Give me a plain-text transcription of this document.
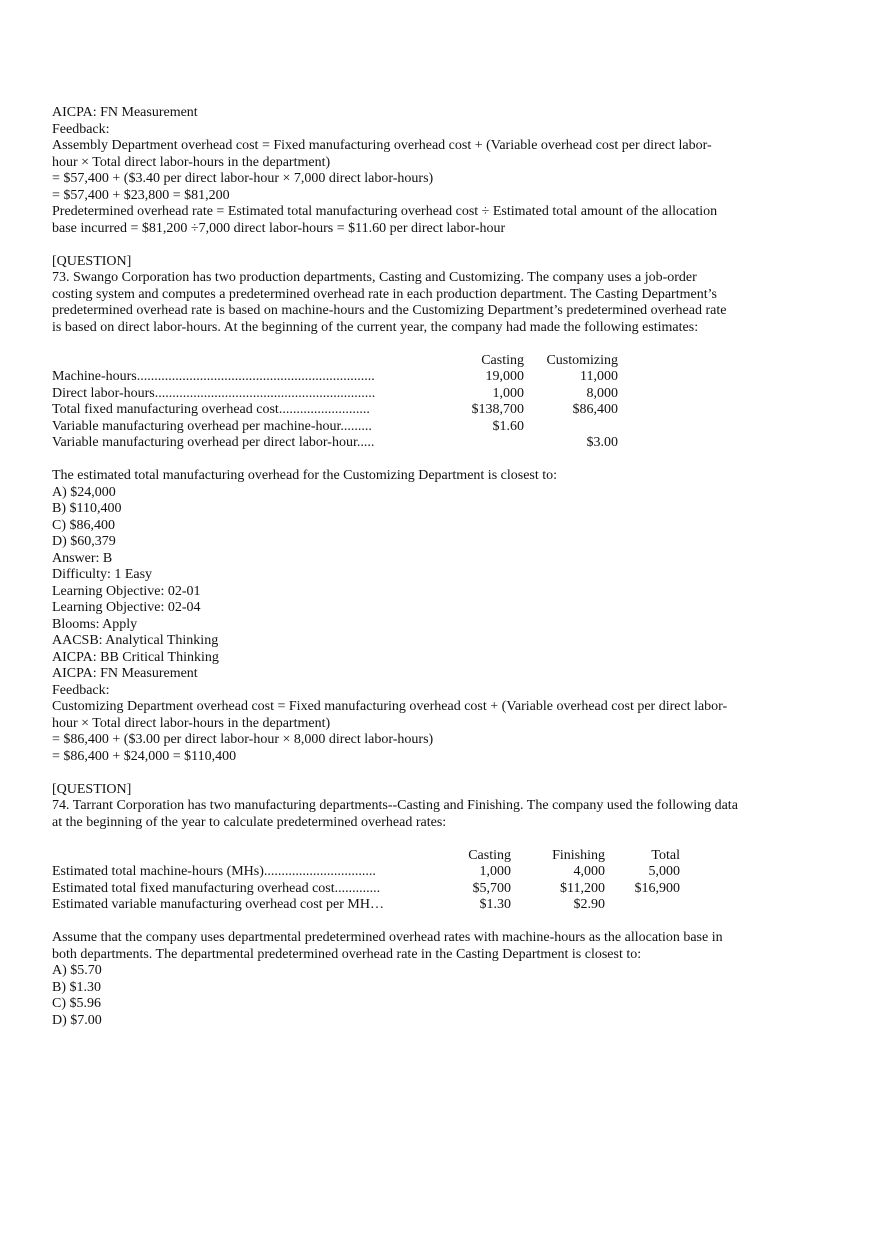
AICPA: FN Measurement
Feedback:
Assembly Department overhead cost = Fixed manufacturing overhead cost + (Variable overhead cost per direct labor-
hour × Total direct labor-hours in the department)
= $57,400 + ($3.40 per direct labor-hour × 7,000 direct labor-hours)
= $57,400 + $23,800 = $81,200
Predetermined overhead rate = Estimated total manufacturing overhead cost ÷ Estimated total amount of the allocation
base incurred = $81,200 ÷7,000 direct labor-hours = $11.60 per direct labor-hour
[QUESTION]
73. Swango Corporation has two production departments, Casting and Customizing. The company uses a job-order
costing system and computes a predetermined overhead rate in each production department. The Casting Department’s
predetermined overhead rate is based on machine-hours and the Customizing Department’s predetermined overhead rate
is based on direct labor-hours. At the beginning of the current year, the company had made the following estimates:
	Casting	Customizing
Machine-hours....................................................................	19,000	11,000
Direct labor-hours...............................................................	1,000	8,000
Total fixed manufacturing overhead cost..........................	$138,700	$86,400
Variable manufacturing overhead per machine-hour.........	$1.60	
Variable manufacturing overhead per direct labor-hour.....		$3.00
The estimated total manufacturing overhead for the Customizing Department is closest to:
A) $24,000
B) $110,400
C) $86,400
D) $60,379
Answer: B
Difficulty: 1 Easy
Learning Objective: 02-01
Learning Objective: 02-04
Blooms: Apply
AACSB: Analytical Thinking
AICPA: BB Critical Thinking
AICPA: FN Measurement
Feedback:
Customizing Department overhead cost = Fixed manufacturing overhead cost + (Variable overhead cost per direct labor-
hour × Total direct labor-hours in the department)
= $86,400 + ($3.00 per direct labor-hour × 8,000 direct labor-hours)
= $86,400 + $24,000 = $110,400
[QUESTION]
74. Tarrant Corporation has two manufacturing departments--Casting and Finishing. The company used the following data
at the beginning of the year to calculate predetermined overhead rates:
	Casting	Finishing	Total
Estimated total machine-hours (MHs)................................	1,000	4,000	5,000
Estimated total fixed manufacturing overhead cost.............	$5,700	$11,200	$16,900
Estimated variable manufacturing overhead cost per MH…	$1.30	$2.90	
Assume that the company uses departmental predetermined overhead rates with machine-hours as the allocation base in
both departments. The departmental predetermined overhead rate in the Casting Department is closest to:
A) $5.70
B) $1.30
C) $5.96
D) $7.00
